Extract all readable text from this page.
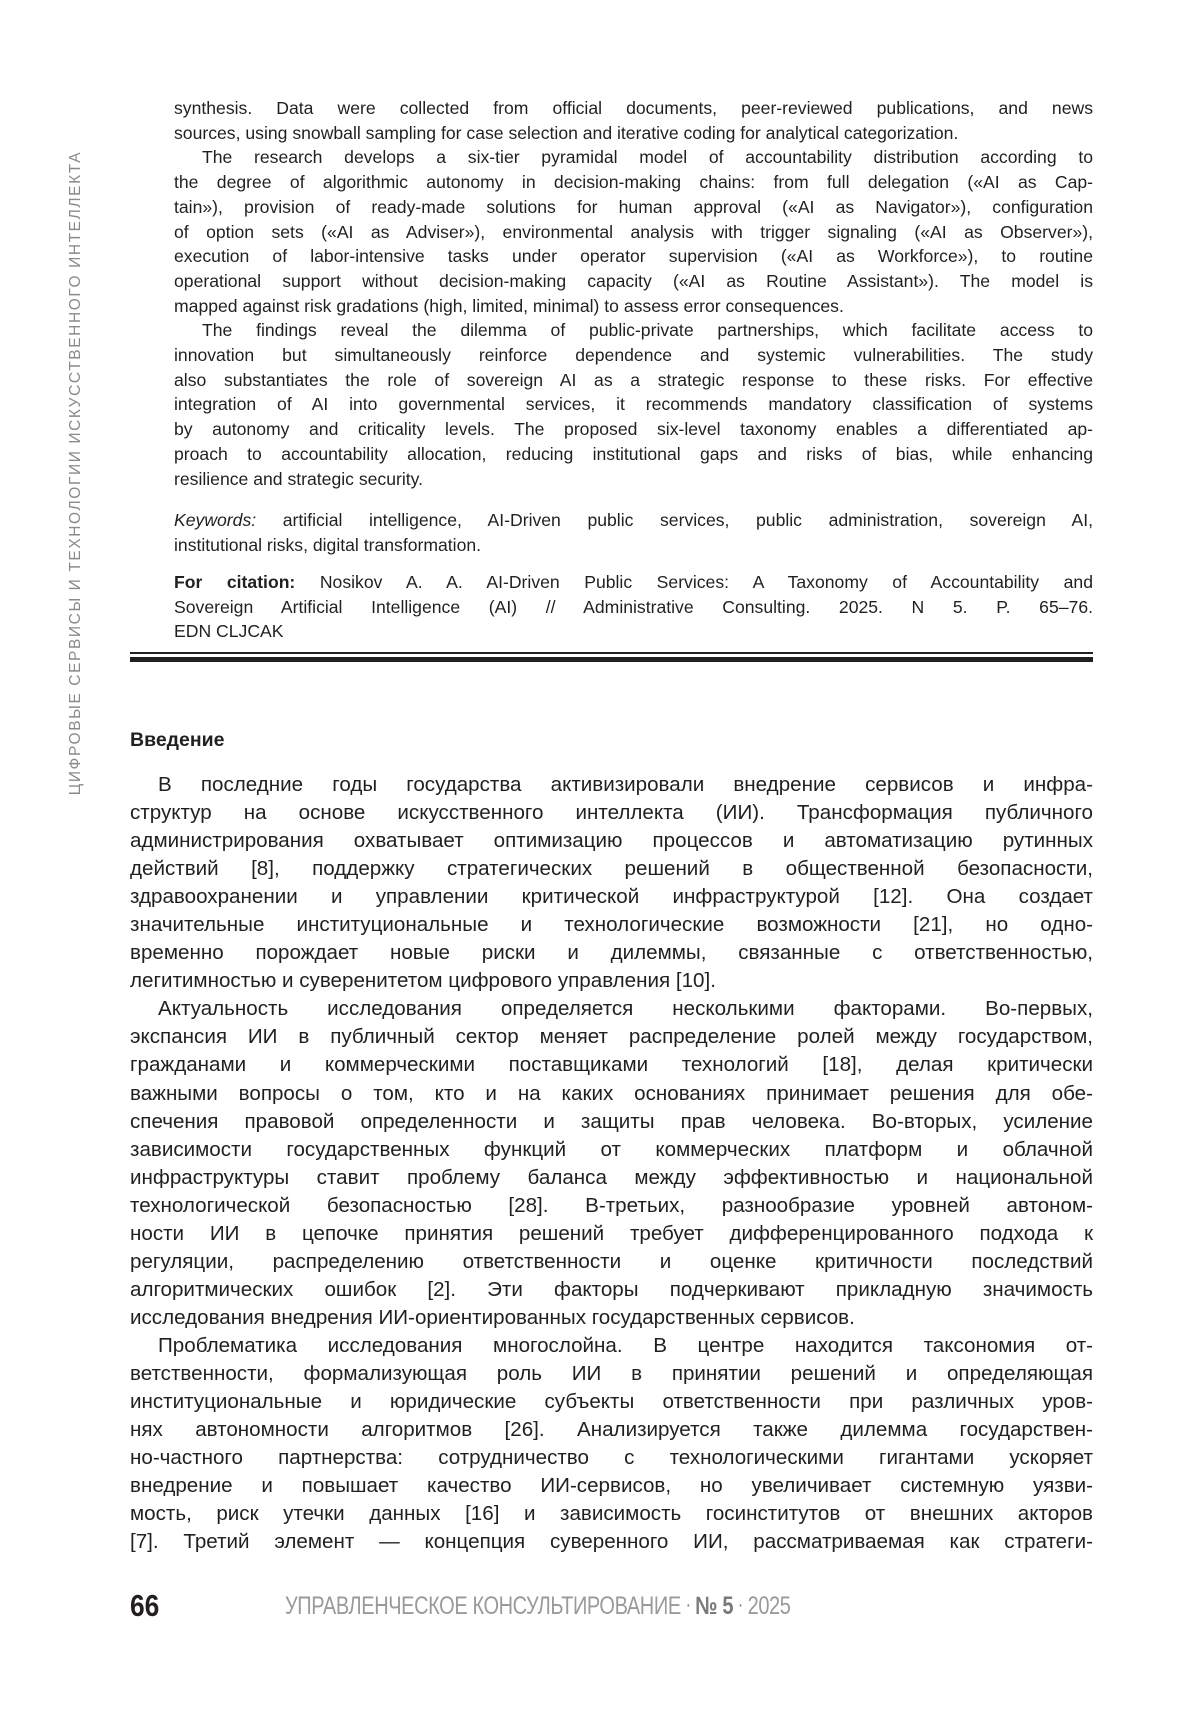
ЦИФРОВЫЕ СЕРВИСЫ И ТЕХНОЛОГИИ ИСКУССТВЕННОГО ИНТЕЛЛЕКТА
synthesis. Data were collected from official documents, peer-reviewed publications, and news
sources, using snowball sampling for case selection and iterative coding for analytical categorization.
The research develops a six-tier pyramidal model of accountability distribution according to
the degree of algorithmic autonomy in decision-making chains: from full delegation («AI as Cap-
tain»), provision of ready-made solutions for human approval («AI as Navigator»), configuration
of option sets («AI as Adviser»), environmental analysis with trigger signaling («AI as Observer»),
execution of labor-intensive tasks under operator supervision («AI as Workforce»), to routine
operational support without decision-making capacity («AI as Routine Assistant»). The model is
mapped against risk gradations (high, limited, minimal) to assess error consequences.
The findings reveal the dilemma of public-private partnerships, which facilitate access to
innovation but simultaneously reinforce dependence and systemic vulnerabilities. The study
also substantiates the role of sovereign AI as a strategic response to these risks. For effective
integration of AI into governmental services, it recommends mandatory classification of systems
by autonomy and criticality levels. The proposed six-level taxonomy enables a differentiated ap-
proach to accountability allocation, reducing institutional gaps and risks of bias, while enhancing
resilience and strategic security.
Keywords: artificial intelligence, AI-Driven public services, public administration, sovereign AI,
institutional risks, digital transformation.
For citation: Nosikov A. A. AI-Driven Public Services: A Taxonomy of Accountability and
Sovereign Artificial Intelligence (AI) // Administrative Consulting. 2025. N 5. P. 65–76.
EDN CLJCAK
Введение
В последние годы государства активизировали внедрение сервисов и инфра-
структур на основе искусственного интеллекта (ИИ). Трансформация публичного
администрирования охватывает оптимизацию процессов и автоматизацию рутинных
действий [8], поддержку стратегических решений в общественной безопасности,
здравоохранении и управлении критической инфраструктурой [12]. Она создает
значительные институциональные и технологические возможности [21], но одно-
временно порождает новые риски и дилеммы, связанные с ответственностью,
легитимностью и суверенитетом цифрового управления [10].
Актуальность исследования определяется несколькими факторами. Во-первых,
экспансия ИИ в публичный сектор меняет распределение ролей между государством,
гражданами и коммерческими поставщиками технологий [18], делая критически
важными вопросы о том, кто и на каких основаниях принимает решения для обе-
спечения правовой определенности и защиты прав человека. Во-вторых, усиление
зависимости государственных функций от коммерческих платформ и облачной
инфраструктуры ставит проблему баланса между эффективностью и национальной
технологической безопасностью [28]. В-третьих, разнообразие уровней автоном-
ности ИИ в цепочке принятия решений требует дифференцированного подхода к
регуляции, распределению ответственности и оценке критичности последствий
алгоритмических ошибок [2]. Эти факторы подчеркивают прикладную значимость
исследования внедрения ИИ-ориентированных государственных сервисов.
Проблематика исследования многослойна. В центре находится таксономия от-
ветственности, формализующая роль ИИ в принятии решений и определяющая
институциональные и юридические субъекты ответственности при различных уров-
нях автономности алгоритмов [26]. Анализируется также дилемма государствен-
но-частного партнерства: сотрудничество с технологическими гигантами ускоряет
внедрение и повышает качество ИИ-сервисов, но увеличивает системную уязви-
мость, риск утечки данных [16] и зависимость госинститутов от внешних акторов
[7]. Третий элемент — концепция суверенного ИИ, рассматриваемая как стратеги-
66	УПРАВЛЕНЧЕСКОЕ КОНСУЛЬТИРОВАНИЕ · № 5 · 2025
